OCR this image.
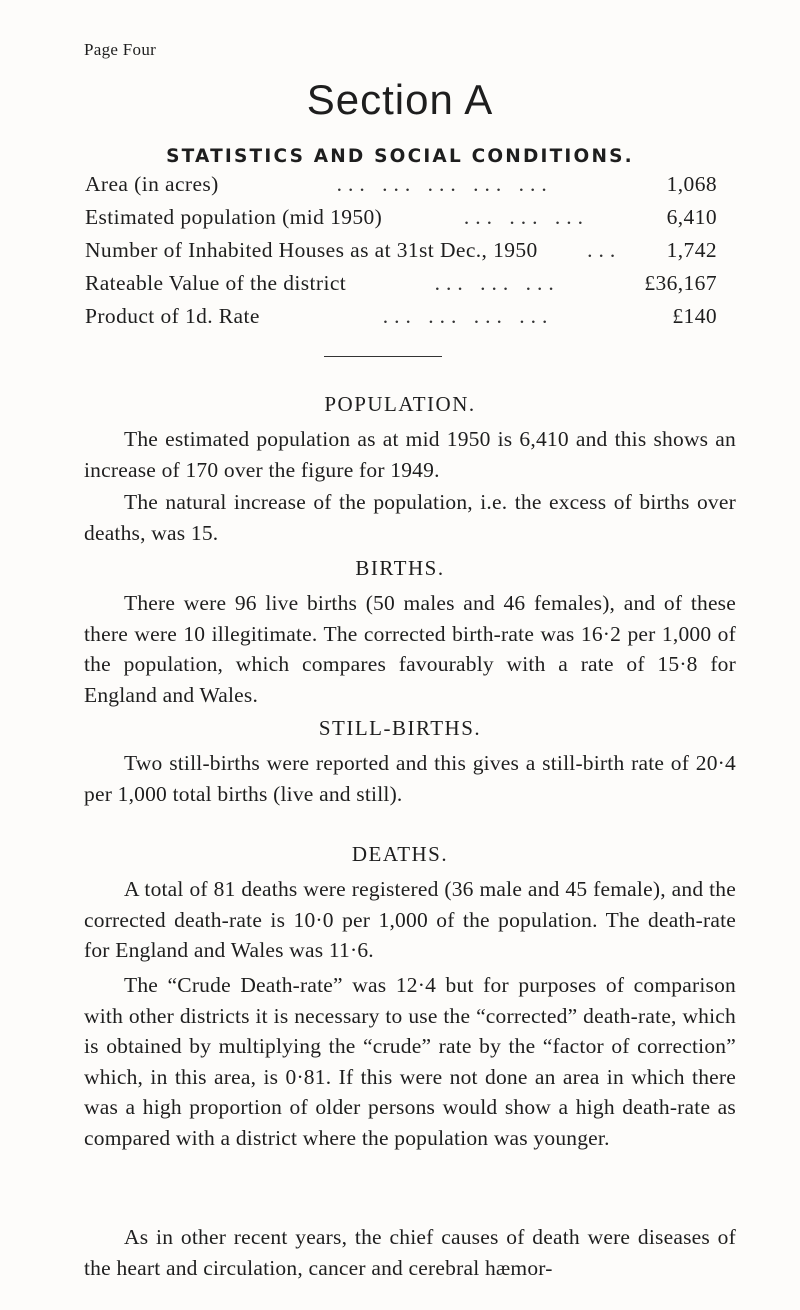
Page Four
Section A
STATISTICS AND SOCIAL CONDITIONS.
Area (in acres)	... ... ... ... ...	1,068
Estimated population (mid 1950)	... ... ...	6,410
Number of Inhabited Houses as at 31st Dec., 1950	...	1,742
Rateable Value of the district	... ... ...	£36,167
Product of 1d. Rate	... ... ... ...	£140
POPULATION.

The estimated population as at mid 1950 is 6,410 and this shows an increase of 170 over the figure for 1949.

The natural increase of the population, i.e. the excess of births over deaths, was 15.

BIRTHS.

There were 96 live births (50 males and 46 females), and of these there were 10 illegitimate. The corrected birth-rate was 16·2 per 1,000 of the population, which compares favourably with a rate of 15·8 for England and Wales.

STILL-BIRTHS.

Two still-births were reported and this gives a still-birth rate of 20·4 per 1,000 total births (live and still).

DEATHS.

A total of 81 deaths were registered (36 male and 45 female), and the corrected death-rate is 10·0 per 1,000 of the population. The death-rate for England and Wales was 11·6.

The “Crude Death-rate” was 12·4 but for purposes of comparison with other districts it is necessary to use the “corrected” death-rate, which is obtained by multiplying the “crude” rate by the “factor of correction” which, in this area, is 0·81. If this were not done an area in which there was a high proportion of older persons would show a high death-rate as compared with a district where the population was younger.

As in other recent years, the chief causes of death were diseases of the heart and circulation, cancer and cerebral hæmor-
